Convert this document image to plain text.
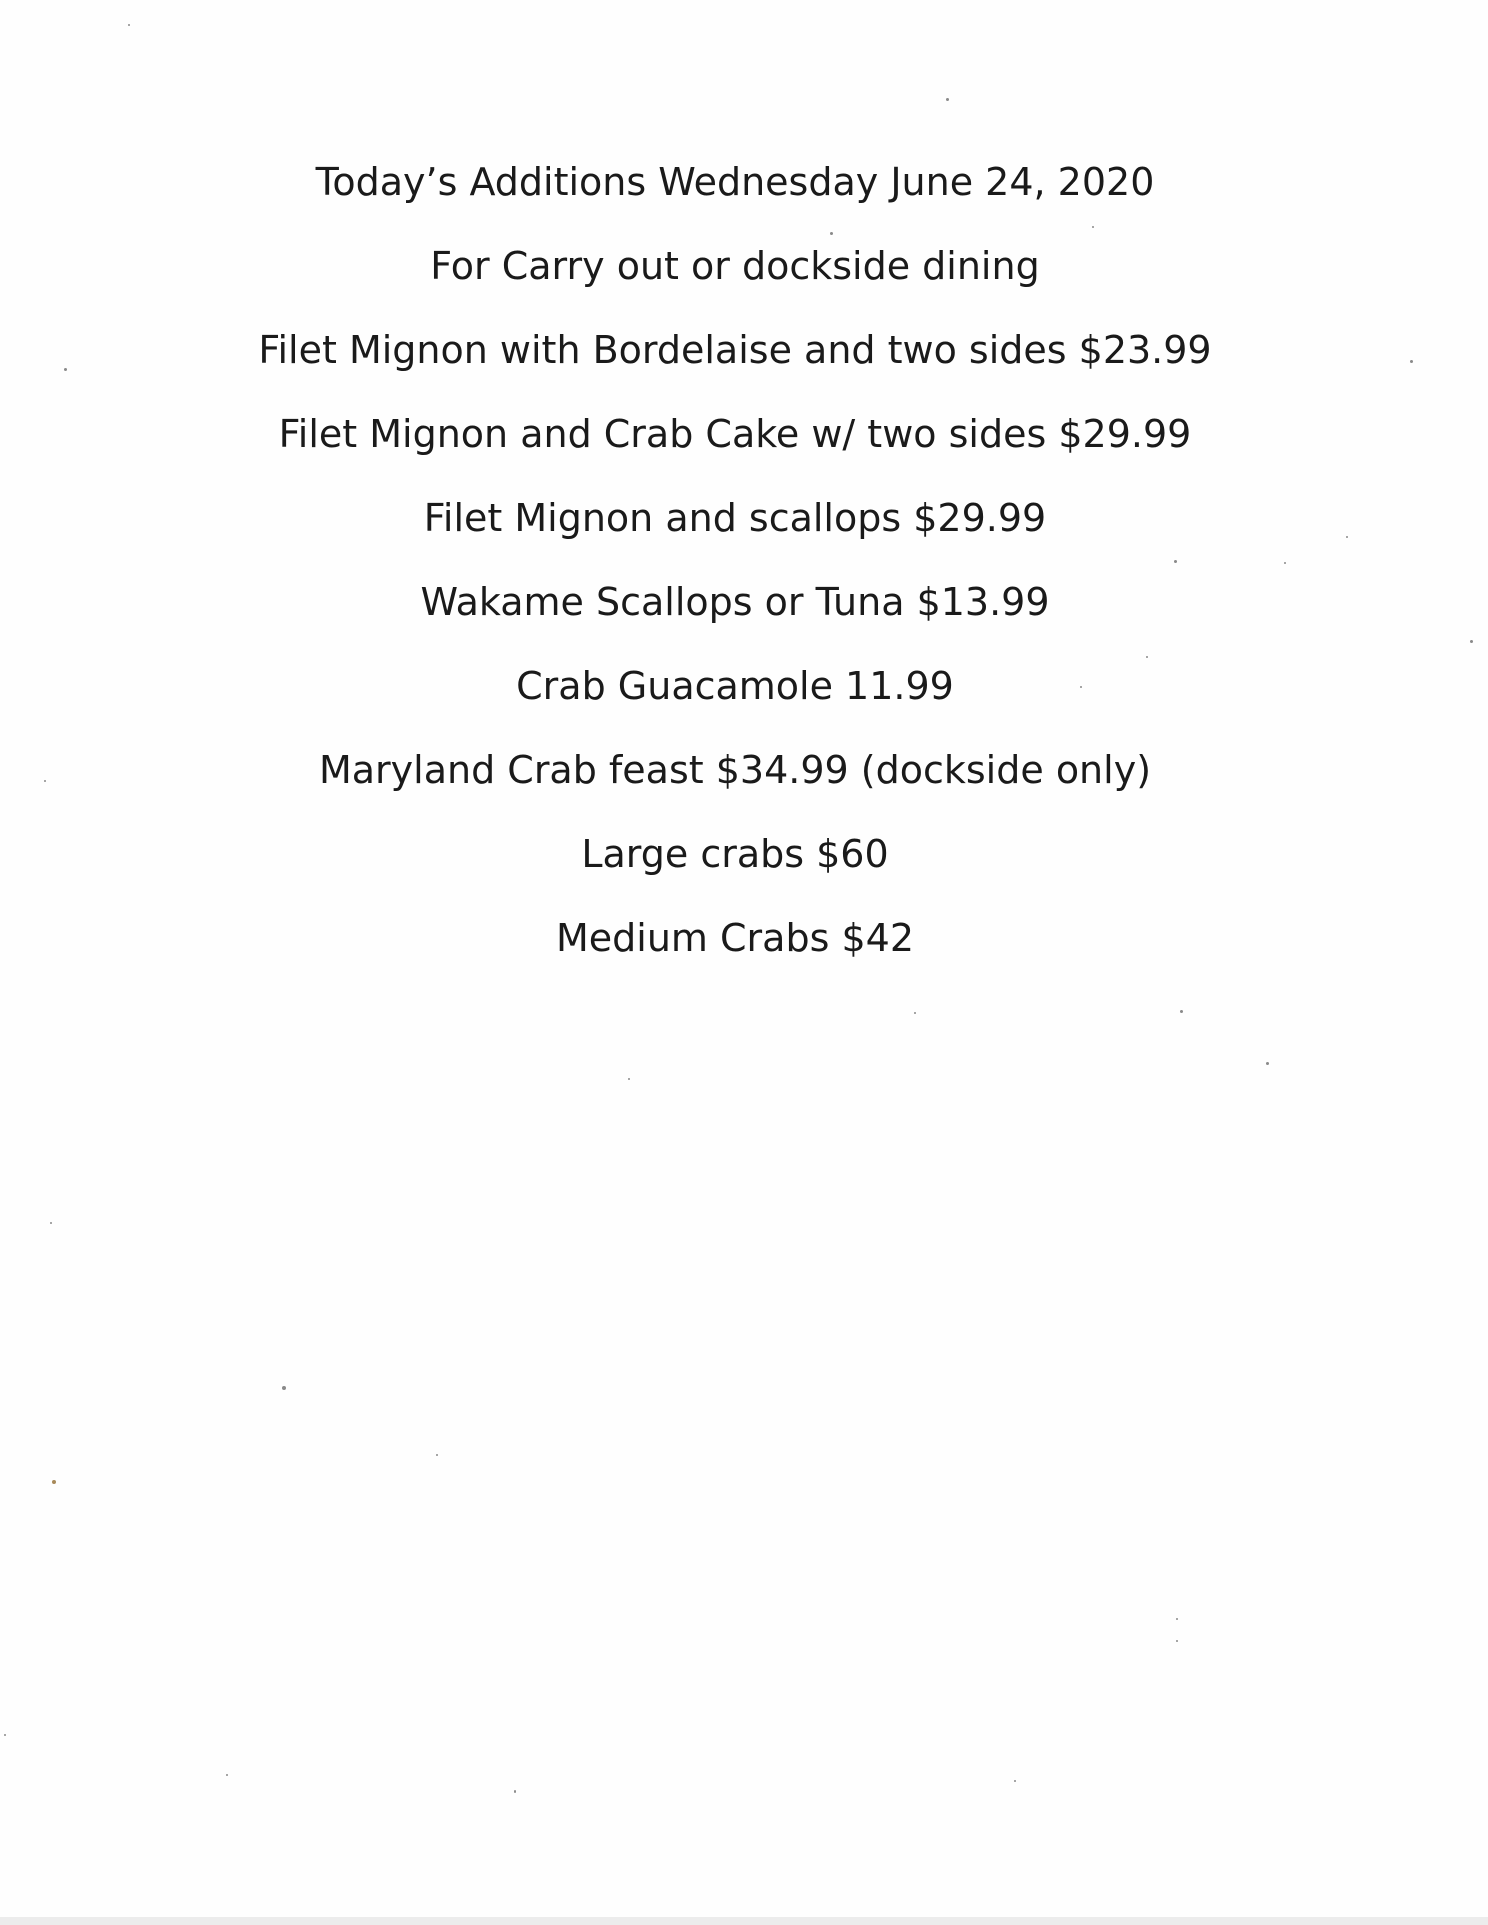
Today’s Additions Wednesday June 24, 2020
For Carry out or dockside dining
Filet Mignon with Bordelaise and two sides $23.99
Filet Mignon and Crab Cake w/ two sides $29.99
Filet Mignon and scallops $29.99
Wakame Scallops or Tuna $13.99
Crab Guacamole 11.99
Maryland Crab feast $34.99 (dockside only)
Large crabs $60
Medium Crabs $42
